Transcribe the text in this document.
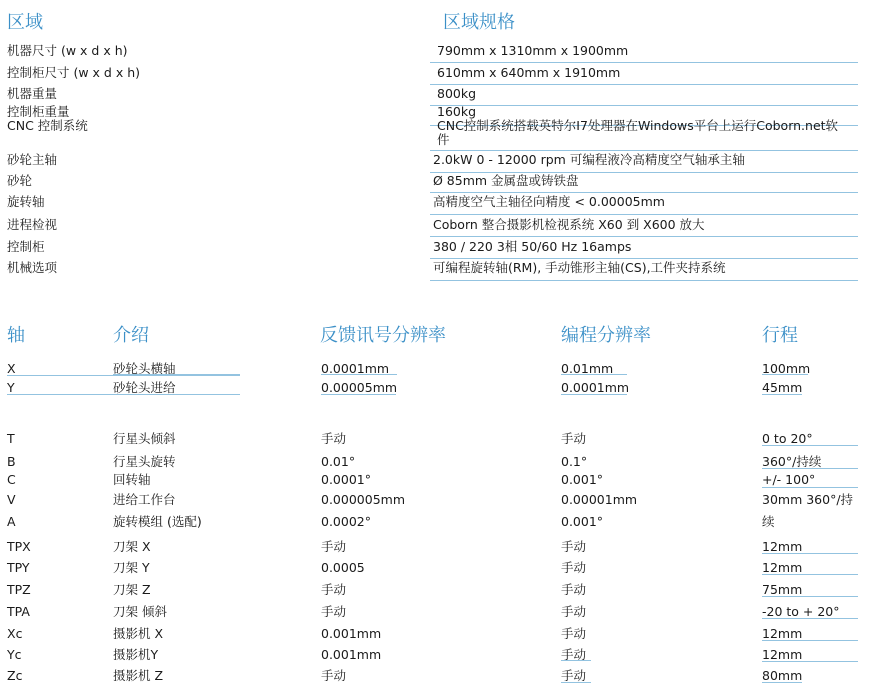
区域	区域规格
机器尺寸 (w x d x h)	790mm x 1310mm x 1900mm
控制柜尺寸 (w x d x h)	610mm x 640mm x 1910mm
机器重量	800kg
控制柜重量	160kg
CNC 控制系统	CNC控制系统搭载英特尔I7处理器在Windows平台上运行Coborn.net软
件
砂轮主轴	2.0kW 0 - 12000 rpm 可编程液冷高精度空气轴承主轴
砂轮	Ø 85mm 金属盘或铸铁盘
旋转轴	高精度空气主轴径向精度 < 0.00005mm
进程检视	Coborn 整合摄影机检视系统 X60 到 X600 放大
控制柜	380 / 220 3相 50/60 Hz 16amps
机械选项	可编程旋转轴(RM), 手动锥形主轴(CS),工件夹持系统
轴	介绍	反馈讯号分辨率	编程分辨率	行程
X	砂轮头横轴	0.0001mm	0.01mm	100mm
Y	砂轮头进给	0.00005mm	0.0001mm	45mm
T	行星头倾斜	手动	手动	0 to 20°
B	行星头旋转	0.01°	0.1°	360°/持续
C	回转轴	0.0001°	0.001°	+/- 100°
V	进给工作台	0.000005mm	0.00001mm	30mm 360°/持
A	旋转模组 (选配)	0.0002°	0.001°	续
TPX	刀架 X	手动	手动	12mm
TPY	刀架 Y	0.0005	手动	12mm
TPZ	刀架 Z	手动	手动	75mm
TPA	刀架 倾斜	手动	手动	-20 to + 20°
Xc	摄影机 X	0.001mm	手动	12mm
Yc	摄影机Y	0.001mm	手动	12mm
Zc	摄影机 Z	手动	手动	80mm
